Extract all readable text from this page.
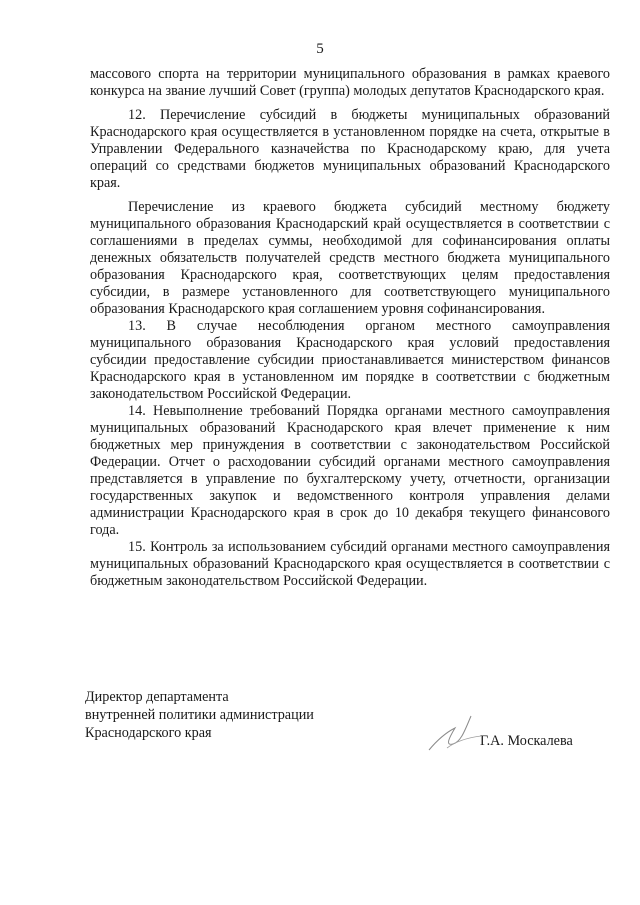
5

массового спорта на территории муниципального образования в рамках краевого конкурса на звание лучший Совет (группа) молодых депутатов Краснодарского края.

12. Перечисление субсидий в бюджеты муниципальных образований Краснодарского края осуществляется в установленном порядке на счета, открытые в Управлении Федерального казначейства по Краснодарскому краю, для учета операций со средствами бюджетов муниципальных образований Краснодарского края.

Перечисление из краевого бюджета субсидий местному бюджету муниципального образования Краснодарский край осуществляется в соответствии с соглашениями в пределах суммы, необходимой для софинансирования оплаты денежных обязательств получателей средств местного бюджета муниципального образования Краснодарского края, соответствующих целям предоставления субсидии, в размере установленного для соответствующего муниципального образования Краснодарского края соглашением уровня софинансирования.

13. В случае несоблюдения органом местного самоуправления муниципального образования Краснодарского края условий предоставления субсидии предоставление субсидии приостанавливается министерством финансов Краснодарского края в установленном им порядке в соответствии с бюджетным законодательством Российской Федерации.

14. Невыполнение требований Порядка органами местного самоуправления муниципальных образований Краснодарского края влечет применение к ним бюджетных мер принуждения в соответствии с законодательством Российской Федерации. Отчет о расходовании субсидий органами местного самоуправления представляется в управление по бухгалтерскому учету, отчетности, организации государственных закупок и ведомственного контроля управления делами администрации Краснодарского края в срок до 10 декабря текущего финансового года.

15. Контроль за использованием субсидий органами местного самоуправления муниципальных образований Краснодарского края осуществляется в соответствии с бюджетным законодательством Российской Федерации.

Директор департамента
внутренней политики администрации
Краснодарского края	Г.А. Москалева
